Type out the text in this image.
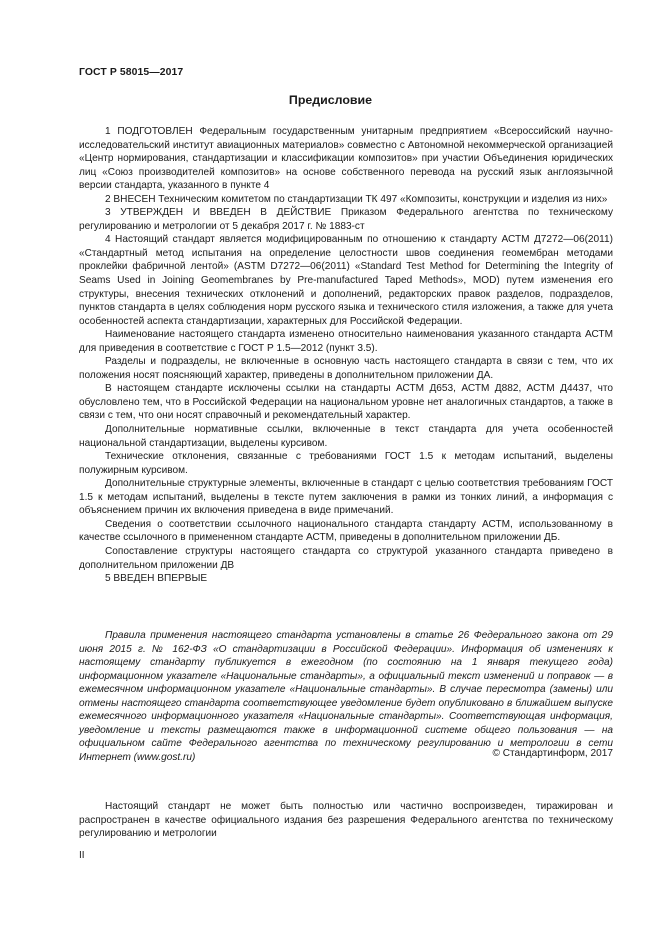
ГОСТ Р 58015—2017
Предисловие

1 ПОДГОТОВЛЕН Федеральным государственным унитарным предприятием «Всероссийский научно-исследовательский институт авиационных материалов» совместно с Автономной некоммерческой организацией «Центр нормирования, стандартизации и классификации композитов» при участии Объединения юридических лиц «Союз производителей композитов» на основе собственного перевода на русский язык англоязычной версии стандарта, указанного в пункте 4

2 ВНЕСЕН Техническим комитетом по стандартизации ТК 497 «Композиты, конструкции и изделия из них»

3 УТВЕРЖДЕН И ВВЕДЕН В ДЕЙСТВИЕ Приказом Федерального агентства по техническому регулированию и метрологии от 5 декабря 2017 г. № 1883-ст

4 Настоящий стандарт является модифицированным по отношению к стандарту АСТМ Д7272—06(2011) «Стандартный метод испытания на определение целостности швов соединения геомембран методами проклейки фабричной лентой» (ASTM D7272—06(2011) «Standard Test Method for Determining the Integrity of Seams Used in Joining Geomembranes by Pre-manufactured Taped Methods», MOD) путем изменения его структуры, внесения технических отклонений и дополнений, редакторских правок разделов, подразделов, пунктов стандарта в целях соблюдения норм русского языка и технического стиля изложения, а также для учета особенностей аспекта стандартизации, характерных для Российской Федерации.

Наименование настоящего стандарта изменено относительно наименования указанного стандарта АСТМ для приведения в соответствие с ГОСТ Р 1.5—2012 (пункт 3.5).

Разделы и подразделы, не включенные в основную часть настоящего стандарта в связи с тем, что их положения носят поясняющий характер, приведены в дополнительном приложении ДА.

В настоящем стандарте исключены ссылки на стандарты АСТМ Д653, АСТМ Д882, АСТМ Д4437, что обусловлено тем, что в Российской Федерации на национальном уровне нет аналогичных стандартов, а также в связи с тем, что они носят справочный и рекомендательный характер.

Дополнительные нормативные ссылки, включенные в текст стандарта для учета особенностей национальной стандартизации, выделены курсивом.

Технические отклонения, связанные с требованиями ГОСТ 1.5 к методам испытаний, выделены полужирным курсивом.

Дополнительные структурные элементы, включенные в стандарт с целью соответствия требованиям ГОСТ 1.5 к методам испытаний, выделены в тексте путем заключения в рамки из тонких линий, а информация с объяснением причин их включения приведена в виде примечаний.

Сведения о соответствии ссылочного национального стандарта стандарту АСТМ, использованному в качестве ссылочного в примененном стандарте АСТМ, приведены в дополнительном приложении ДБ.

Сопоставление структуры настоящего стандарта со структурой указанного стандарта приведено в дополнительном приложении ДВ

5 ВВЕДЕН ВПЕРВЫЕ

Правила применения настоящего стандарта установлены в статье 26 Федерального закона от 29 июня 2015 г. № 162-ФЗ «О стандартизации в Российской Федерации». Информация об изменениях к настоящему стандарту публикуется в ежегодном (по состоянию на 1 января текущего года) информационном указателе «Национальные стандарты», а официальный текст изменений и поправок — в ежемесячном информационном указателе «Национальные стандарты». В случае пересмотра (замены) или отмены настоящего стандарта соответствующее уведомление будет опубликовано в ближайшем выпуске ежемесячного информационного указателя «Национальные стандарты». Соответствующая информация, уведомление и тексты размещаются также в информационной системе общего пользования — на официальном сайте Федерального агентства по техническому регулированию и метрологии в сети Интернет (www.gost.ru)	© Стандартинформ, 2017

Настоящий стандарт не может быть полностью или частично воспроизведен, тиражирован и распространен в качестве официального издания без разрешения Федерального агентства по техническому регулированию и метрологии

II
